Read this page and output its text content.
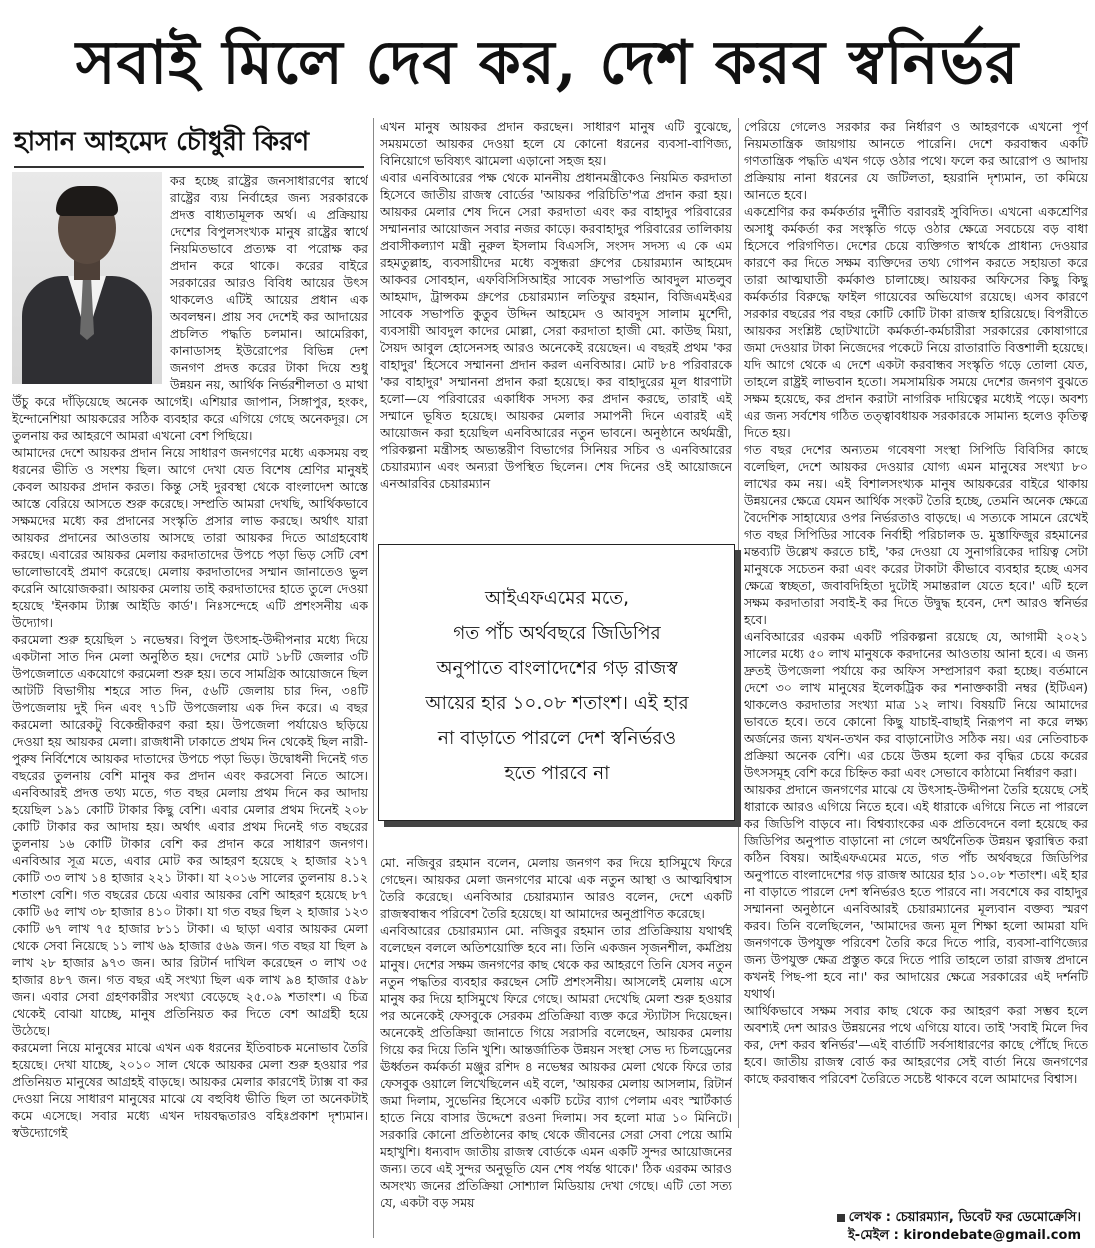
সবাই মিলে দেব কর, দেশ করব স্বনির্ভর
হাসান আহমেদ চৌধুরী কিরণ

কর হচ্ছে রাষ্ট্রের জনসাধারণের স্বার্থে রাষ্ট্রের ব্যয় নির্বাহের জন্য সরকারকে প্রদত্ত বাধ্যতামূলক অর্থ। এ প্রক্রিয়ায় দেশের বিপুলসংখ্যক মানুষ রাষ্ট্রের স্বার্থে নিয়মিতভাবে প্রত্যক্ষ বা পরোক্ষ কর প্রদান করে থাকে। করের বাইরে সরকারের আরও বিবিধ আয়ের উৎস থাকলেও এটিই আয়ের প্রধান এক অবলম্বন। প্রায় সব দেশেই কর আদায়ের প্রচলিত পদ্ধতি চলমান। আমেরিকা, কানাডাসহ ইউরোপের বিভিন্ন দেশ জনগণ প্রদত্ত করের টাকা দিয়ে শুধু উন্নয়ন নয়, আর্থিক নির্ভরশীলতা ও মাথা উঁচু করে দাঁড়িয়েছে অনেক আগেই। এশিয়ার জাপান, সিঙ্গাপুর, হংকং, ইন্দোনেশিয়া আয়করের সঠিক ব্যবহার করে এগিয়ে গেছে অনেকদূর। সে তুলনায় কর আহরণে আমরা এখনো বেশ পিছিয়ে।

আমাদের দেশে আয়কর প্রদান নিয়ে সাধারণ জনগণের মধ্যে একসময় বহু ধরনের ভীতি ও সংশয় ছিল। আগে দেখা যেত বিশেষ শ্রেণির মানুষই কেবল আয়কর প্রদান করত। কিন্তু সেই দুরবস্থা থেকে বাংলাদেশ আস্তে আস্তে বেরিয়ে আসতে শুরু করেছে। সম্প্রতি আমরা দেখছি, আর্থিকভাবে সক্ষমদের মধ্যে কর প্রদানের সংস্কৃতি প্রসার লাভ করছে। অর্থাৎ যারা আয়কর প্রদানের আওতায় আসছে তারা আয়কর দিতে আগ্রহবোধ করছে। এবারের আয়কর মেলায় করদাতাদের উপচে পড়া ভিড় সেটি বেশ ভালোভাবেই প্রমাণ করেছে। মেলায় করদাতাদের সম্মান জানাতেও ভুল করেনি আয়োজকরা। আয়কর মেলায় তাই করদাতাদের হাতে তুলে দেওয়া হয়েছে 'ইনকাম ট্যাক্স আইডি কার্ড'। নিঃসন্দেহে এটি প্রশংসনীয় এক উদ্যোগ।

করমেলা শুরু হয়েছিল ১ নভেম্বর। বিপুল উৎসাহ-উদ্দীপনার মধ্যে দিয়ে একটানা সাত দিন মেলা অনুষ্ঠিত হয়। দেশের মোট ১৮টি জেলার ৩টি উপজেলাতে একযোগে করমেলা শুরু হয়। তবে সামগ্রিক আয়োজনে ছিল আটটি বিভাগীয় শহরে সাত দিন, ৫৬টি জেলায় চার দিন, ৩৪টি উপজেলায় দুই দিন এবং ৭১টি উপজেলায় এক দিন করে। এ বছর করমেলা আরেকটু বিকেন্দ্রীকরণ করা হয়। উপজেলা পর্যায়েও ছড়িয়ে দেওয়া হয় আয়কর মেলা। রাজধানী ঢাকাতে প্রথম দিন থেকেই ছিল নারী-পুরুষ নির্বিশেষে আয়কর দাতাদের উপচে পড়া ভিড়। উদ্বোধনী দিনেই গত বছরের তুলনায় বেশি মানুষ কর প্রদান এবং করসেবা নিতে আসে। এনবিআরই প্রদত্ত তথ্য মতে, গত বছর মেলায় প্রথম দিনে কর আদায় হয়েছিল ১৯১ কোটি টাকার কিছু বেশি। এবার মেলার প্রথম দিনেই ২০৮ কোটি টাকার কর আদায় হয়। অর্থাৎ এবার প্রথম দিনেই গত বছরের তুলনায় ১৬ কোটি টাকার বেশি কর প্রদান করে সাধারণ জনগণ। এনবিআর সূত্র মতে, এবার মোট কর আহরণ হয়েছে ২ হাজার ২১৭ কোটি ৩৩ লাখ ১৪ হাজার ২২১ টাকা। যা ২০১৬ সালের তুলনায় ৪.১২ শতাংশ বেশি। গত বছরের চেয়ে এবার আয়কর বেশি আহরণ হয়েছে ৮৭ কোটি ৬৫ লাখ ৩৮ হাজার ৪১০ টাকা। যা গত বছর ছিল ২ হাজার ১২৩ কোটি ৬৭ লাখ ৭৫ হাজার ৮১১ টাকা। এ ছাড়া এবার আয়কর মেলা থেকে সেবা নিয়েছে ১১ লাখ ৬৯ হাজার ৫৬৯ জন। গত বছর যা ছিল ৯ লাখ ২৮ হাজার ৯৭৩ জন। আর রিটার্ন দাখিল করেছেন ৩ লাখ ৩৫ হাজার ৪৮৭ জন। গত বছর এই সংখ্যা ছিল এক লাখ ৯৪ হাজার ৫৯৮ জন। এবার সেবা গ্রহণকারীর সংখ্যা বেড়েছে ২৫.০৯ শতাংশ। এ চিত্র থেকেই বোঝা যাচ্ছে, মানুষ প্রতিনিয়ত কর দিতে বেশ আগ্রহী হয়ে উঠেছে।

করমেলা নিয়ে মানুষের মাঝে এখন এক ধরনের ইতিবাচক মনোভাব তৈরি হয়েছে। দেখা যাচ্ছে, ২০১০ সাল থেকে আয়কর মেলা শুরু হওয়ার পর প্রতিনিয়ত মানুষের আগ্রহই বাড়ছে। আয়কর মেলার কারণেই ট্যাক্স বা কর দেওয়া নিয়ে সাধারণ মানুষের মাঝে যে বহুবিধ ভীতি ছিল তা অনেকটাই কমে এসেছে। সবার মধ্যে এখন দায়বদ্ধতারও বহিঃপ্রকাশ দৃশ্যমান। স্বউদ্যোগেই

এখন মানুষ আয়কর প্রদান করছেন। সাধারণ মানুষ এটি বুঝেছে, সময়মতো আয়কর দেওয়া হলে যে কোনো ধরনের ব্যবসা-বাণিজ্য, বিনিয়োগে ভবিষ্যৎ ঝামেলা এড়ানো সহজ হয়।

এবার এনবিআরের পক্ষ থেকে মাননীয় প্রধানমন্ত্রীকেও নিয়মিত করদাতা হিসেবে জাতীয় রাজস্ব বোর্ডের 'আয়কর পরিচিতি'পত্র প্রদান করা হয়। আয়কর মেলার শেষ দিনে সেরা করদাতা এবং কর বাহাদুর পরিবারের সম্মাননার আয়োজন সবার নজর কাড়ে। করবাহাদুর পরিবারের তালিকায় প্রবাসীকল্যাণ মন্ত্রী নুরুল ইসলাম বিএসসি, সংসদ সদস্য এ কে এম রহমতুল্লাহ, ব্যবসায়ীদের মধ্যে বসুন্ধরা গ্রুপের চেয়ারম্যান আহমেদ আকবর সোবহান, এফবিসিসিআইর সাবেক সভাপতি আবদুল মাতলুব আহমাদ, ট্রান্সকম গ্রুপের চেয়ারম্যান লতিফুর রহমান, বিজিএমইএর সাবেক সভাপতি কুতুব উদ্দিন আহমেদ ও আবদুস সালাম মুর্শেদী, ব্যবসায়ী আবদুল কাদের মোল্লা, সেরা করদাতা হাজী মো. কাউছ মিয়া, সৈয়দ আবুল হোসেনসহ আরও অনেকেই রয়েছেন। এ বছরই প্রথম 'কর বাহাদুর' হিসেবে সম্মাননা প্রদান করল এনবিআর। মোট ৮৪ পরিবারকে 'কর বাহাদুর' সম্মাননা প্রদান করা হয়েছে। কর বাহাদুরের মূল ধারণাটা হলো—যে পরিবারের একাধিক সদস্য কর প্রদান করছে, তারাই এই সম্মানে ভূষিত হয়েছে। আয়কর মেলার সমাপনী দিনে এবারই এই আয়োজন করা হয়েছিল এনবিআরের নতুন ভাবনে। অনুষ্ঠানে অর্থমন্ত্রী, পরিকল্পনা মন্ত্রীসহ অভ্যন্তরীণ বিভাগের সিনিয়র সচিব ও এনবিআরের চেয়ারম্যান এবং অন্যরা উপস্থিত ছিলেন। শেষ দিনের ওই আয়োজনে এনআরবির চেয়ারম্যান

আইএফএমের মতে,
গত পাঁচ অর্থবছরে জিডিপির
অনুপাতে বাংলাদেশের গড় রাজস্ব
আয়ের হার ১০.০৮ শতাংশ। এই হার
না বাড়াতে পারলে দেশ স্বনির্ভরও
হতে পারবে না

মো. নজিবুর রহমান বলেন, মেলায় জনগণ কর দিয়ে হাসিমুখে ফিরে গেছেন। আয়কর মেলা জনগণের মাঝে এক নতুন আস্থা ও আত্মবিশ্বাস তৈরি করেছে। এনবিআর চেয়ারম্যান আরও বলেন, দেশে একটি রাজস্ববান্ধব পরিবেশ তৈরি হয়েছে। যা আমাদের অনুপ্রাণিত করেছে।

এনবিআরের চেয়ারম্যান মো. নজিবুর রহমান তার প্রতিক্রিয়ায় যথার্থই বলেছেন বললে অতিশয়োক্তি হবে না। তিনি একজন সৃজনশীল, কর্মপ্রিয় মানুষ। দেশের সক্ষম জনগণের কাছ থেকে কর আহরণে তিনি যেসব নতুন নতুন পদ্ধতির ব্যবহার করছেন সেটি প্রশংসনীয়। আসলেই মেলায় এসে মানুষ কর দিয়ে হাসিমুখে ফিরে গেছে। আমরা দেখেছি মেলা শুরু হওয়ার পর অনেকেই ফেসবুকে সেরকম প্রতিক্রিয়া ব্যক্ত করে স্ট্যাটাস দিয়েছেন। অনেকেই প্রতিক্রিয়া জানাতে গিয়ে সরাসরি বলেছেন, আয়কর মেলায় গিয়ে কর দিয়ে তিনি খুশি। আন্তর্জাতিক উন্নয়ন সংস্থা সেভ দ্য চিলড্রেনের ঊর্ধ্বতন কর্মকর্তা মঞ্জুর রশিদ ৪ নভেম্বর আয়কর মেলা থেকে ফিরে তার ফেসবুক ওয়ালে লিখেছিলেন এই বলে, 'আয়কর মেলায় আসলাম, রিটার্ন জমা দিলাম, সুভেনির হিসেবে একটি চটের ব্যাগ পেলাম এবং স্মার্টকার্ড হাতে নিয়ে বাসার উদ্দেশে রওনা দিলাম। সব হলো মাত্র ১০ মিনিটে। সরকারি কোনো প্রতিষ্ঠানের কাছ থেকে জীবনের সেরা সেবা পেয়ে আমি মহাখুশি। ধন্যবাদ জাতীয় রাজস্ব বোর্ডকে এমন একটি সুন্দর আয়োজনের জন্য। তবে এই সুন্দর অনুভূতি যেন শেষ পর্যন্ত থাকে।' ঠিক এরকম আরও অসংখ্য জনের প্রতিক্রিয়া সোশ্যাল মিডিয়ায় দেখা গেছে। এটি তো সত্য যে, একটা বড় সময়

পেরিয়ে গেলেও সরকার কর নির্ধারণ ও আহরণকে এখনো পূর্ণ নিয়মতান্ত্রিক জায়গায় আনতে পারেনি। দেশে করবান্ধব একটি গণতান্ত্রিক পদ্ধতি এখন গড়ে ওঠার পথে। ফলে কর আরোপ ও আদায় প্রক্রিয়ায় নানা ধরনের যে জটিলতা, হয়রানি দৃশ্যমান, তা কমিয়ে আনতে হবে।

একশ্রেণির কর কর্মকর্তার দুর্নীতি বরাবরই সুবিদিত। এখনো একশ্রেণির অসাধু কর্মকর্তা কর সংস্কৃতি গড়ে ওঠার ক্ষেত্রে সবচেয়ে বড় বাধা হিসেবে পরিগণিত। দেশের চেয়ে ব্যক্তিগত স্বার্থকে প্রাধান্য দেওয়ার কারণে কর দিতে সক্ষম ব্যক্তিদের তথ্য গোপন করতে সহায়তা করে তারা আত্মঘাতী কর্মকাণ্ড চালাচ্ছে। আয়কর অফিসের কিছু কিছু কর্মকর্তার বিরুদ্ধে ফাইল গায়েবের অভিযোগ রয়েছে। এসব কারণে সরকার বছরের পর বছর কোটি কোটি টাকা রাজস্ব হারিয়েছে। বিপরীতে আয়কর সংশ্লিষ্ট ছোটখাটো কর্মকর্তা-কর্মচারীরা সরকারের কোষাগারে জমা দেওয়ার টাকা নিজেদের পকেটে নিয়ে রাতারাতি বিত্তশালী হয়েছে। যদি আগে থেকে এ দেশে একটা করবান্ধব সংস্কৃতি গড়ে তোলা যেত, তাহলে রাষ্ট্রই লাভবান হতো। সমসাময়িক সময়ে দেশের জনগণ বুঝতে সক্ষম হয়েছে, কর প্রদান করাটা নাগরিক দায়িত্বের মধ্যেই পড়ে। অবশ্য এর জন্য সর্বশেষ গঠিত তত্ত্বাবধায়ক সরকারকে সামান্য হলেও কৃতিত্ব দিতে হয়।

গত বছর দেশের অন্যতম গবেষণা সংস্থা সিপিডি বিবিসির কাছে বলেছিল, দেশে আয়কর দেওয়ার যোগ্য এমন মানুষের সংখ্যা ৮০ লাখের কম নয়। এই বিশালসংখ্যক মানুষ আয়করের বাইরে থাকায় উন্নয়নের ক্ষেত্রে যেমন আর্থিক সংকট তৈরি হচ্ছে, তেমনি অনেক ক্ষেত্রে বৈদেশিক সাহায্যের ওপর নির্ভরতাও বাড়ছে। এ সত্যকে সামনে রেখেই গত বছর সিপিডির সাবেক নির্বাহী পরিচালক ড. মুস্তাফিজুর রহমানের মন্তব্যটি উল্লেখ করতে চাই, 'কর দেওয়া যে সুনাগরিকের দায়িত্ব সেটা মানুষকে সচেতন করা এবং করের টাকাটা কীভাবে ব্যবহার হচ্ছে এসব ক্ষেত্রে স্বচ্ছতা, জবাবদিহিতা দুটোই সমান্তরাল যেতে হবে।' এটি হলে সক্ষম করদাতারা সবাই-ই কর দিতে উদ্বুদ্ধ হবেন, দেশ আরও স্বনির্ভর হবে।

এনবিআরের এরকম একটি পরিকল্পনা রয়েছে যে, আগামী ২০২১ সালের মধ্যে ৫০ লাখ মানুষকে করদানের আওতায় আনা হবে। এ জন্য দ্রুতই উপজেলা পর্যায়ে কর অফিস সম্প্রসারণ করা হচ্ছে। বর্তমানে দেশে ৩০ লাখ মানুষের ইলেকট্রিক কর শনাক্তকারী নম্বর (ইটিএন) থাকলেও করদাতার সংখ্যা মাত্র ১২ লাখ। বিষয়টি নিয়ে আমাদের ভাবতে হবে। তবে কোনো কিছু যাচাই-বাছাই নিরূপণ না করে লক্ষ্য অর্জনের জন্য যখন-তখন কর বাড়ানোটাও সঠিক নয়। এর নেতিবাচক প্রক্রিয়া অনেক বেশি। এর চেয়ে উত্তম হলো কর বৃদ্ধির চেয়ে করের উৎসসমূহ বেশি করে চিহ্নিত করা এবং সেভাবে কাঠামো নির্ধারণ করা।

আয়কর প্রদানে জনগণের মাঝে যে উৎসাহ-উদ্দীপনা তৈরি হয়েছে সেই ধারাকে আরও এগিয়ে নিতে হবে। এই ধারাকে এগিয়ে নিতে না পারলে কর জিডিপি বাড়বে না। বিশ্বব্যাংকের এক প্রতিবেদনে বলা হয়েছে কর জিডিপির অনুপাত বাড়ানো না গেলে অর্থনৈতিক উন্নয়ন ত্বরান্বিত করা কঠিন বিষয়। আইএফএমের মতে, গত পাঁচ অর্থবছরে জিডিপির অনুপাতে বাংলাদেশের গড় রাজস্ব আয়ের হার ১০.০৮ শতাংশ। এই হার না বাড়াতে পারলে দেশ স্বনির্ভরও হতে পারবে না। সবশেষে কর বাহাদুর সম্মাননা অনুষ্ঠানে এনবিআরই চেয়ারম্যানের মূল্যবান বক্তব্য স্মরণ করব। তিনি বলেছিলেন, 'আমাদের জন্য মূল শিক্ষা হলো আমরা যদি জনগণকে উপযুক্ত পরিবেশ তৈরি করে দিতে পারি, ব্যবসা-বাণিজ্যের জন্য উপযুক্ত ক্ষেত্র প্রস্তুত করে দিতে পারি তাহলে তারা রাজস্ব প্রদানে কখনই পিছ-পা হবে না।' কর আদায়ের ক্ষেত্রে সরকারের এই দর্শনটি যথার্থ।

আর্থিকভাবে সক্ষম সবার কাছ থেকে কর আহরণ করা সম্ভব হলে অবশ্যই দেশ আরও উন্নয়নের পথে এগিয়ে যাবে। তাই 'সবাই মিলে দিব কর, দেশ করব স্বনির্ভর'—এই বার্তাটি সর্বসাধারণের কাছে পৌঁছে দিতে হবে। জাতীয় রাজস্ব বোর্ড কর আহরণের সেই বার্তা নিয়ে জনগণের কাছে করবান্ধব পরিবেশ তৈরিতে সচেষ্ট থাকবে বলে আমাদের বিশ্বাস।

লেখক : চেয়ারম্যান, ডিবেট ফর ডেমোক্রেসি।
ই-মেইল : kirondebate@gmail.com
